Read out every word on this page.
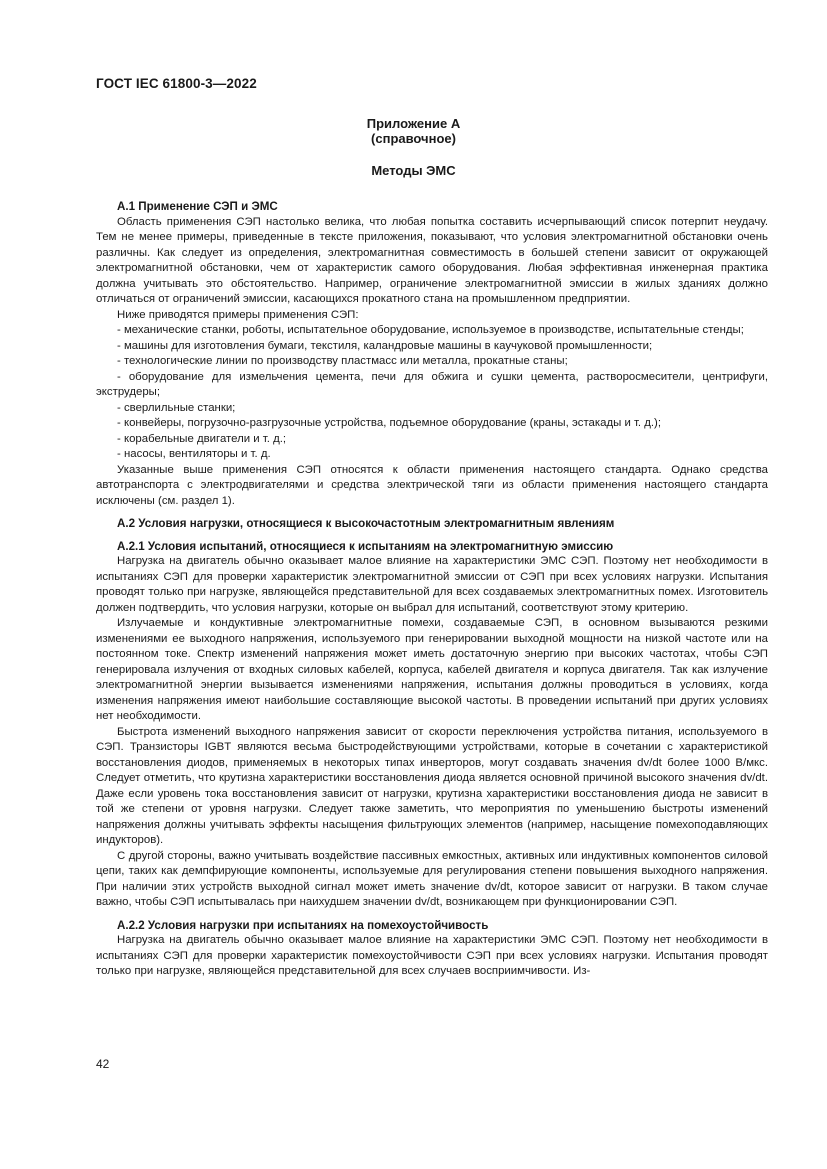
ГОСТ IEC 61800-3—2022
Приложение А
(справочное)
Методы ЭМС
А.1 Применение СЭП и ЭМС

Область применения СЭП настолько велика, что любая попытка составить исчерпывающий список потерпит неудачу. Тем не менее примеры, приведенные в тексте приложения, показывают, что условия электромагнитной обстановки очень различны. Как следует из определения, электромагнитная совместимость в большей степени зависит от окружающей электромагнитной обстановки, чем от характеристик самого оборудования. Любая эффективная инженерная практика должна учитывать это обстоятельство. Например, ограничение электромагнитной эмиссии в жилых зданиях должно отличаться от ограничений эмиссии, касающихся прокатного стана на промышленном предприятии.

Ниже приводятся примеры применения СЭП:

- механические станки, роботы, испытательное оборудование, используемое в производстве, испытательные стенды;

- машины для изготовления бумаги, текстиля, каландровые машины в каучуковой промышленности;

- технологические линии по производству пластмасс или металла, прокатные станы;

- оборудование для измельчения цемента, печи для обжига и сушки цемента, растворосмесители, центрифуги, экструдеры;

- сверлильные станки;

- конвейеры, погрузочно-разгрузочные устройства, подъемное оборудование (краны, эстакады и т. д.);

- корабельные двигатели и т. д.;

- насосы, вентиляторы и т. д.

Указанные выше применения СЭП относятся к области применения настоящего стандарта. Однако средства автотранспорта с электродвигателями и средства электрической тяги из области применения настоящего стандарта исключены (см. раздел 1).

А.2 Условия нагрузки, относящиеся к высокочастотным электромагнитным явлениям
А.2.1 Условия испытаний, относящиеся к испытаниям на электромагнитную эмиссию

Нагрузка на двигатель обычно оказывает малое влияние на характеристики ЭМС СЭП. Поэтому нет необходимости в испытаниях СЭП для проверки характеристик электромагнитной эмиссии от СЭП при всех условиях нагрузки. Испытания проводят только при нагрузке, являющейся представительной для всех создаваемых электромагнитных помех. Изготовитель должен подтвердить, что условия нагрузки, которые он выбрал для испытаний, соответствуют этому критерию.

Излучаемые и кондуктивные электромагнитные помехи, создаваемые СЭП, в основном вызываются резкими изменениями ее выходного напряжения, используемого при генерировании выходной мощности на низкой частоте или на постоянном токе. Спектр изменений напряжения может иметь достаточную энергию при высоких частотах, чтобы СЭП генерировала излучения от входных силовых кабелей, корпуса, кабелей двигателя и корпуса двигателя. Так как излучение электромагнитной энергии вызывается изменениями напряжения, испытания должны проводиться в условиях, когда изменения напряжения имеют наибольшие составляющие высокой частоты. В проведении испытаний при других условиях нет необходимости.

Быстрота изменений выходного напряжения зависит от скорости переключения устройства питания, используемого в СЭП. Транзисторы IGBT являются весьма быстродействующими устройствами, которые в сочетании с характеристикой восстановления диодов, применяемых в некоторых типах инверторов, могут создавать значения dv/dt более 1000 В/мкс. Следует отметить, что крутизна характеристики восстановления диода является основной причиной высокого значения dv/dt. Даже если уровень тока восстановления зависит от нагрузки, крутизна характеристики восстановления диода не зависит в той же степени от уровня нагрузки. Следует также заметить, что мероприятия по уменьшению быстроты изменений напряжения должны учитывать эффекты насыщения фильтрующих элементов (например, насыщение помехоподавляющих индукторов).

С другой стороны, важно учитывать воздействие пассивных емкостных, активных или индуктивных компонентов силовой цепи, таких как демпфирующие компоненты, используемые для регулирования степени повышения выходного напряжения. При наличии этих устройств выходной сигнал может иметь значение dv/dt, которое зависит от нагрузки. В таком случае важно, чтобы СЭП испытывалась при наихудшем значении dv/dt, возникающем при функционировании СЭП.

А.2.2 Условия нагрузки при испытаниях на помехоустойчивость

Нагрузка на двигатель обычно оказывает малое влияние на характеристики ЭМС СЭП. Поэтому нет необходимости в испытаниях СЭП для проверки характеристик помехоустойчивости СЭП при всех условиях нагрузки. Испытания проводят только при нагрузке, являющейся представительной для всех случаев восприимчивости. Из-

42
